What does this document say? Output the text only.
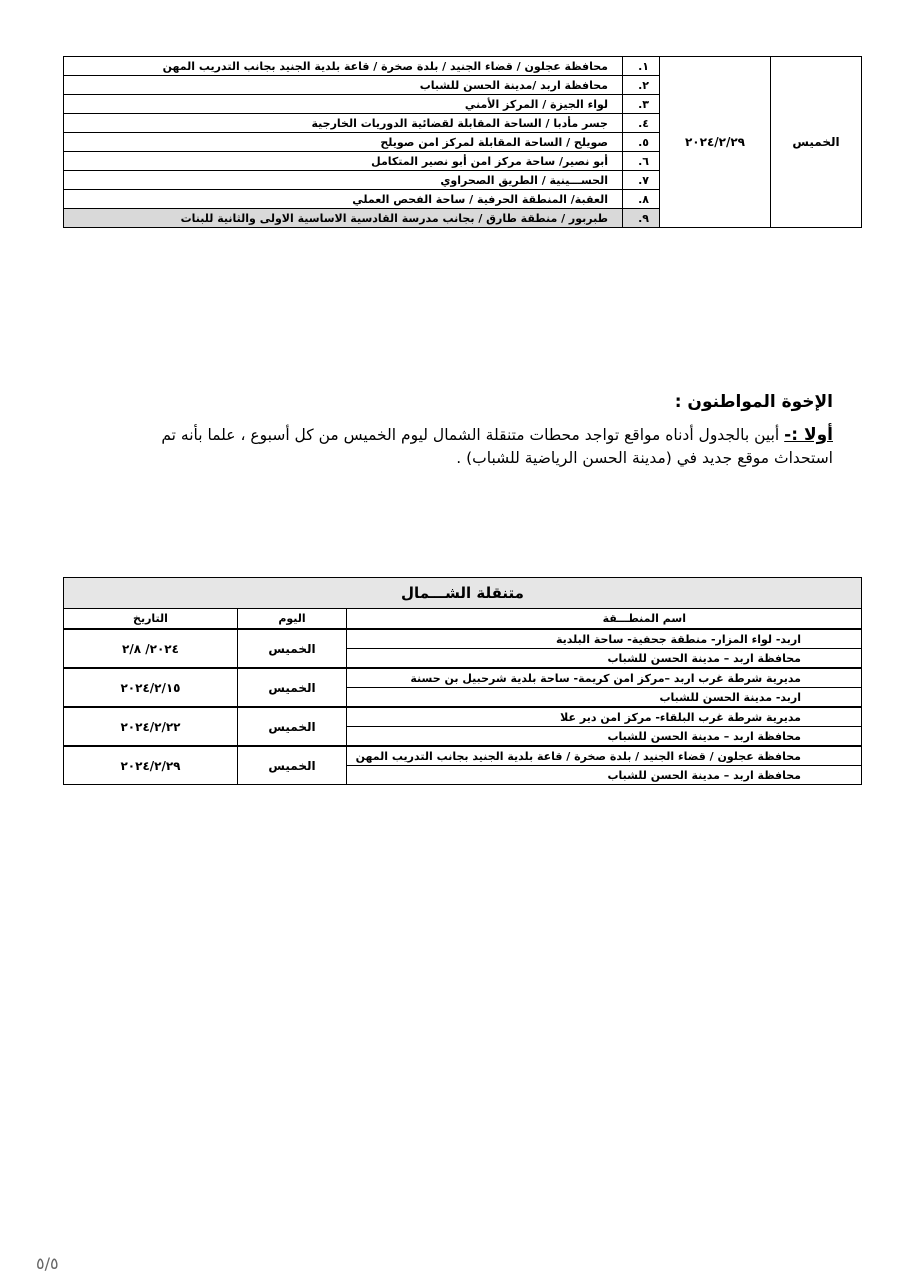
الخميس	٢٠٢٤/٢/٢٩	١.	محافظة عجلون / قضاء الجنيد / بلدة صخرة / قاعة بلدية الجنيد بجانب التدريب المهن
		٢.	محافظة اربد /مدينة الحسن للشباب
		٣.	لواء الجيزة / المركز الأمني
		٤.	جسر مأدبا / الساحة المقابلة لقضائية الدوريات الخارجية
		٥.	صويلح / الساحة المقابلة لمركز امن صويلح
		٦.	أبو نصير/ ساحة مركز امن أبو نصير المتكامل
		٧.	الحســـينية / الطريق الصحراوي
		٨.	العقبة/ المنطقة الحرفية / ساحة الفحص العملي
		٩.	طبربور / منطقة طارق / بجانب مدرسة القادسية الاساسية الاولى والثانية للبنات
الإخوة المواطنون :
أولا :- أبين بالجدول أدناه مواقع تواجد محطات متنقلة الشمال ليوم الخميس من كل أسبوع ، علما بأنه تم استحداث موقع جديد في (مدينة الحسن الرياضية للشباب) .
متنقلة الشـــمال		
اسم المنطـــقة	اليوم	التاريخ
اربد- لواء المزار- منطقة جحفية- ساحة البلدية	الخميس	٢٠٢٤/ ٢/٨
محافظة اربد – مدينة الحسن للشباب		
مديرية شرطة غرب اربد –مركز امن كريمة- ساحة بلدية شرحبيل بن حسنة	الخميس	٢٠٢٤/٢/١٥
اربد- مدينة الحسن للشباب		
مديرية شرطة غرب البلقاء- مركز امن دير علا	الخميس	٢٠٢٤/٢/٢٢
محافظة اربد – مدينة الحسن للشباب		
محافظة عجلون / قضاء الجنيد / بلدة صخرة / قاعة بلدية الجنيد بجانب التدريب المهن	الخميس	٢٠٢٤/٢/٢٩
محافظة اربد – مدينة الحسن للشباب		
٥/٥
